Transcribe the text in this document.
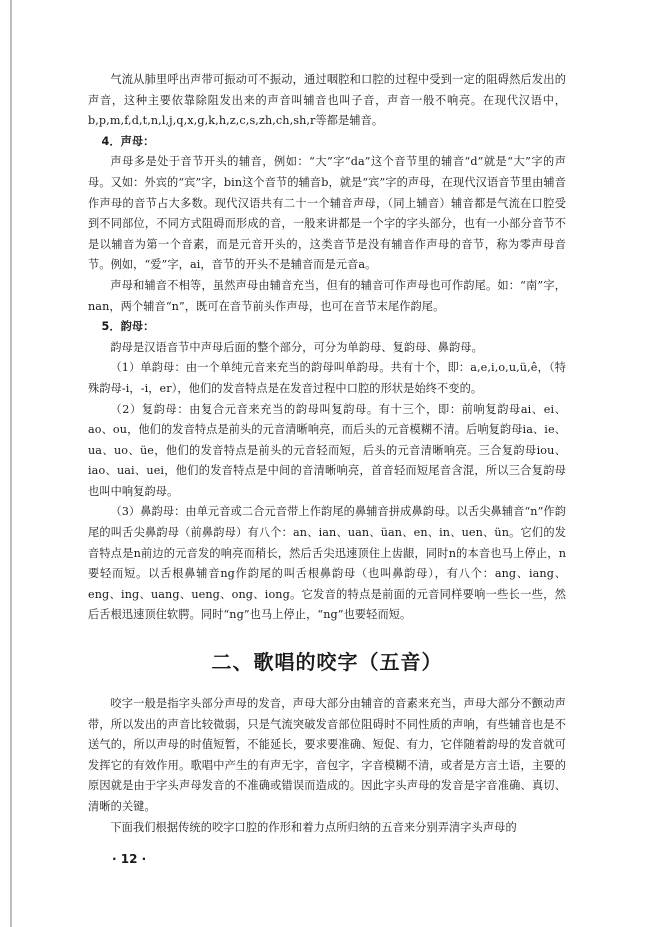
气流从肺里呼出声带可振动可不振动，通过咽腔和口腔的过程中受到一定的阻碍然后发出的声音，这种主要依靠除阻发出来的声音叫辅音也叫子音，声音一般不响亮。在现代汉语中，b,p,m,f,d,t,n,l,j,q,x,g,k,h,z,c,s,zh,ch,sh,r等都是辅音。

4．声母：

声母多是处于音节开头的辅音，例如：“大”字“da”这个音节里的辅音“d”就是“大”字的声母。又如：外宾的“宾”字，bin这个音节的辅音b，就是“宾”字的声母，在现代汉语音节里由辅音作声母的音节占大多数。现代汉语共有二十一个辅音声母，（同上辅音）辅音都是气流在口腔受到不同部位，不同方式阻碍而形成的音，一般来讲都是一个字的字头部分，也有一小部分音节不是以辅音为第一个音素，而是元音开头的，这类音节是没有辅音作声母的音节，称为零声母音节。例如，“爱”字，ai，音节的开头不是辅音而是元音a。

声母和辅音不相等，虽然声母由辅音充当，但有的辅音可作声母也可作韵尾。如：“南”字，nan，两个辅音“n”，既可在音节前头作声母，也可在音节末尾作韵尾。

5．韵母：

韵母是汉语音节中声母后面的整个部分，可分为单韵母、复韵母、鼻韵母。

（1）单韵母：由一个单纯元音来充当的韵母叫单韵母。共有十个，即：a,e,i,o,u,ü,ê，（特殊韵母-i，-i，er），他们的发音特点是在发音过程中口腔的形状是始终不变的。

（2）复韵母：由复合元音来充当的韵母叫复韵母。有十三个，即：前响复韵母ai、ei、ao、ou，他们的发音特点是前头的元音清晰响亮，而后头的元音模糊不清。后响复韵母ia、ie、ua、uo、üe，他们的发音特点是前头的元音轻而短，后头的元音清晰响亮。三合复韵母iou、iao、uai、uei，他们的发音特点是中间的音清晰响亮，首音轻而短尾音含混，所以三合复韵母也叫中响复韵母。

（3）鼻韵母：由单元音或二合元音带上作韵尾的鼻辅音拼成鼻韵母。以舌尖鼻辅音“n”作韵尾的叫舌尖鼻韵母（前鼻韵母）有八个：an、ian、uan、üan、en、in、uen、ün。它们的发音特点是n前边的元音发的响亮而稍长，然后舌尖迅速顶住上齿龈，同时n的本音也马上停止，n要轻而短。以舌根鼻辅音ng作韵尾的叫舌根鼻韵母（也叫鼻韵母），有八个：ang、iang、eng、ing、uang、ueng、ong、iong。它发音的特点是前面的元音同样要响一些长一些，然后舌根迅速顶住软腭。同时“ng”也马上停止，“ng”也要轻而短。

二、歌唱的咬字（五音）

咬字一般是指字头部分声母的发音，声母大部分由辅音的音素来充当，声母大部分不颤动声带，所以发出的声音比较微弱，只是气流突破发音部位阻碍时不同性质的声响，有些辅音也是不送气的，所以声母的时值短暂，不能延长，要求要准确、短促、有力，它伴随着韵母的发音就可发挥它的有效作用。歌唱中产生的有声无字，音包字，字音模糊不清，或者是方言土语，主要的原因就是由于字头声母发音的不准确或错误而造成的。因此字头声母的发音是字音准确、真切、清晰的关键。

下面我们根据传统的咬字口腔的作形和着力点所归纳的五音来分别弄清字头声母的

· 12 ·
